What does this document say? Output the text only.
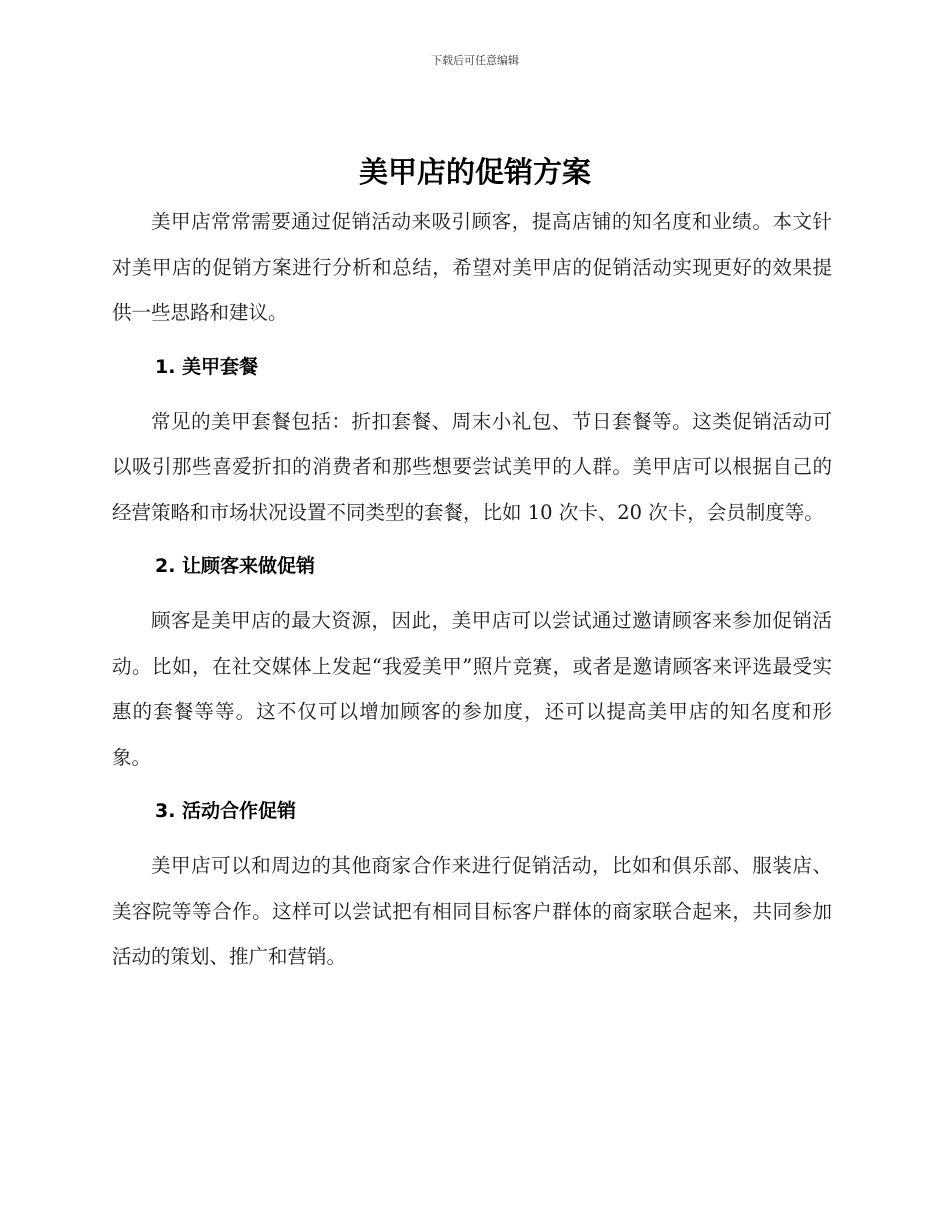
下载后可任意编辑
美甲店的促销方案

美甲店常常需要通过促销活动来吸引顾客，提高店铺的知名度和业绩。本文针对美甲店的促销方案进行分析和总结，希望对美甲店的促销活动实现更好的效果提供一些思路和建议。

1. 美甲套餐

常见的美甲套餐包括：折扣套餐、周末小礼包、节日套餐等。这类促销活动可以吸引那些喜爱折扣的消费者和那些想要尝试美甲的人群。美甲店可以根据自己的经营策略和市场状况设置不同类型的套餐，比如 10 次卡、20 次卡，会员制度等。

2. 让顾客来做促销

顾客是美甲店的最大资源，因此，美甲店可以尝试通过邀请顾客来参加促销活动。比如，在社交媒体上发起“我爱美甲”照片竞赛，或者是邀请顾客来评选最受实惠的套餐等等。这不仅可以增加顾客的参加度，还可以提高美甲店的知名度和形象。

3. 活动合作促销

美甲店可以和周边的其他商家合作来进行促销活动，比如和俱乐部、服装店、美容院等等合作。这样可以尝试把有相同目标客户群体的商家联合起来，共同参加活动的策划、推广和营销。
